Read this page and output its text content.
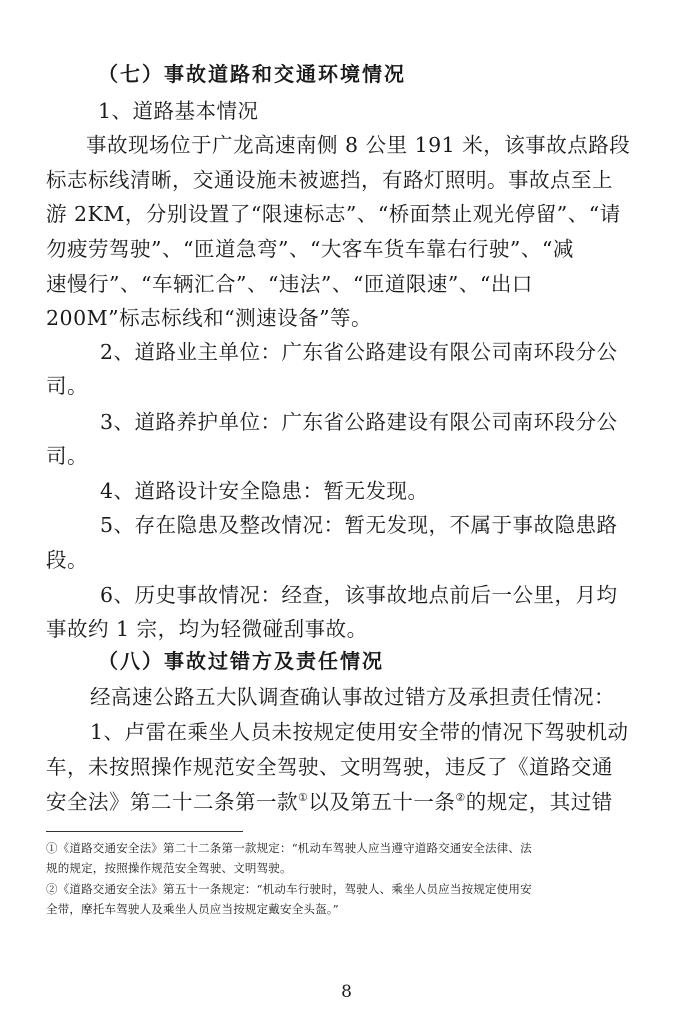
（七）事故道路和交通环境情况
1、道路基本情况
事故现场位于广龙高速南侧 8 公里 191 米，该事故点路段
标志标线清晰，交通设施未被遮挡，有路灯照明。事故点至上
游 2KM，分别设置了“限速标志”、“桥面禁止观光停留”、“请
勿疲劳驾驶”、“匝道急弯”、“大客车货车靠右行驶”、“减
速慢行”、“车辆汇合”、“违法”、“匝道限速”、“出口
200M”标志标线和“测速设备”等。
2、道路业主单位：广东省公路建设有限公司南环段分公
司。
3、道路养护单位：广东省公路建设有限公司南环段分公
司。
4、道路设计安全隐患：暂无发现。
5、存在隐患及整改情况：暂无发现，不属于事故隐患路
段。
6、历史事故情况：经查，该事故地点前后一公里，月均
事故约 1 宗，均为轻微碰刮事故。
（八）事故过错方及责任情况
经高速公路五大队调查确认事故过错方及承担责任情况：
1、卢雷在乘坐人员未按规定使用安全带的情况下驾驶机动
车，未按照操作规范安全驾驶、文明驾驶，违反了《道路交通
安全法》第二十二条第一款①以及第五十一条②的规定，其过错
①《道路交通安全法》第二十二条第一款规定：“机动车驾驶人应当遵守道路交通安全法律、法
规的规定，按照操作规范安全驾驶、文明驾驶。
②《道路交通安全法》第五十一条规定：“机动车行驶时，驾驶人、乘坐人员应当按规定使用安
全带，摩托车驾驶人及乘坐人员应当按规定戴安全头盔。”
8
